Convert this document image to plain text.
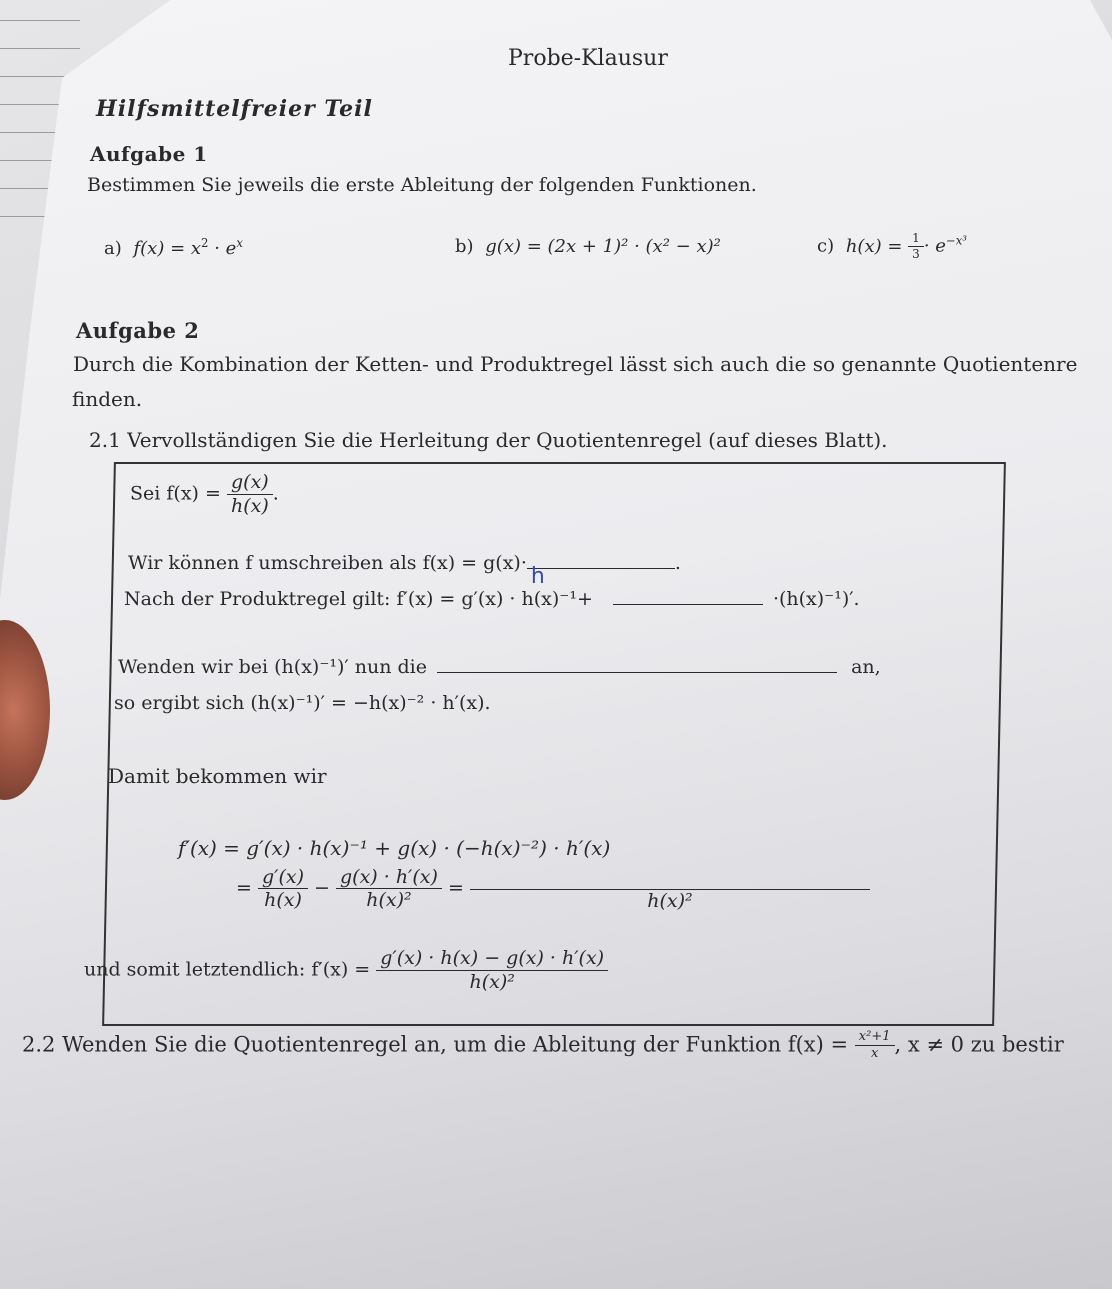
Probe-Klausur
Hilfsmittelfreier Teil
Aufgabe 1
Bestimmen Sie jeweils die erste Ableitung der folgenden Funktionen.
a) $f(x) = x^2 \cdot e^x$	b) g(x) = (2x + 1)² · (x² − x)²	c) $h(x) = \frac{1}{3} \cdot e^{-x^3}$
Aufgabe 2
Durch die Kombination der Ketten- und Produktregel lässt sich auch die so genannte Quotientenre
finden.
2.1 Vervollständigen Sie die Herleitung der Quotientenregel (auf dieses Blatt).
Sei $f(x) = \frac{g(x)}{h(x)}$ .
Wir können f umschreiben als f(x) = g(x)·
h
.
Nach der Produktregel gilt: f′(x) = g′(x) · h(x)⁻¹+	·(h(x)⁻¹)′.
Wenden wir bei (h(x)⁻¹)′ nun die	an,
so ergibt sich (h(x)⁻¹)′ = −h(x)⁻² · h′(x).
Damit bekommen wir
f′(x) = g′(x) · h(x)⁻¹ + g(x) · (−h(x)⁻²) · h′(x)
= $\frac{g'(x)}{h(x)} - \frac{g(x) \cdot h'(x)}{\text{h(x)²}}$ =
h(x)²
und somit letztendlich: $f'(x) = \frac{g'(x) \cdot h(x) - g(x) \cdot h'(x)}{\text{h(x)²}}$
2.2 Wenden Sie die Quotientenregel an, um die Ableitung der Funktion $f(x) = \frac{\text{x²+1}}{x}$ , x ≠ 0 zu bestir
